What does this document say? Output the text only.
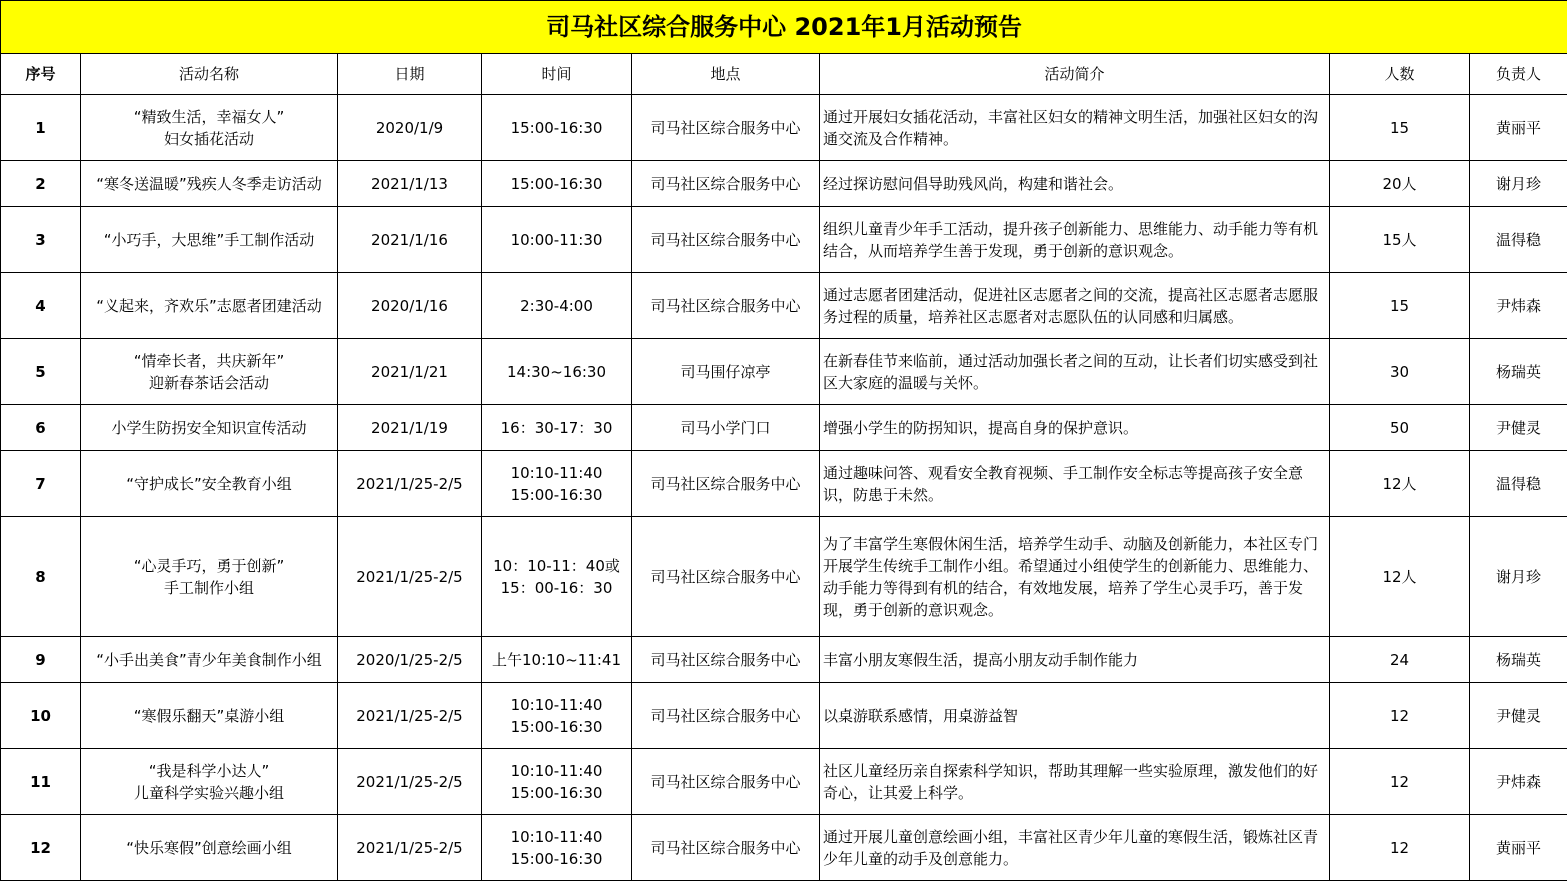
司马社区综合服务中心 2021年1月活动预告							
序号	活动名称	日期	时间	地点	活动简介	人数	负责人
1	“精致生活，幸福女人”
妇女插花活动	2020/1/9	15:00-16:30	司马社区综合服务中心	通过开展妇女插花活动，丰富社区妇女的精神文明生活，加强社区妇女的沟通交流及合作精神。	15	黄丽平
2	“寒冬送温暖”残疾人冬季走访活动	2021/1/13	15:00-16:30	司马社区综合服务中心	经过探访慰问倡导助残风尚，构建和谐社会。	20人	谢月珍
3	“小巧手，大思维”手工制作活动	2021/1/16	10:00-11:30	司马社区综合服务中心	组织儿童青少年手工活动，提升孩子创新能力、思维能力、动手能力等有机结合，从而培养学生善于发现，勇于创新的意识观念。	15人	温得稳
4	“义起来，齐欢乐”志愿者团建活动	2020/1/16	2:30-4:00	司马社区综合服务中心	通过志愿者团建活动，促进社区志愿者之间的交流，提高社区志愿者志愿服务过程的质量，培养社区志愿者对志愿队伍的认同感和归属感。	15	尹炜森
5	“情牵长者，共庆新年”
迎新春茶话会活动	2021/1/21	14:30~16:30	司马围仔凉亭	在新春佳节来临前，通过活动加强长者之间的互动，让长者们切实感受到社区大家庭的温暖与关怀。	30	杨瑞英
6	小学生防拐安全知识宣传活动	2021/1/19	16：30-17：30	司马小学门口	增强小学生的防拐知识，提高自身的保护意识。	50	尹健灵
7	“守护成长”安全教育小组	2021/1/25-2/5	10:10-11:40
15:00-16:30	司马社区综合服务中心	通过趣味问答、观看安全教育视频、手工制作安全标志等提高孩子安全意识，防患于未然。	12人	温得稳
8	“心灵手巧，勇于创新”
手工制作小组	2021/1/25-2/5	10：10-11：40或
15：00-16：30	司马社区综合服务中心	为了丰富学生寒假休闲生活，培养学生动手、动脑及创新能力，本社区专门开展学生传统手工制作小组。希望通过小组使学生的创新能力、思维能力、动手能力等得到有机的结合，有效地发展，培养了学生心灵手巧，善于发现，勇于创新的意识观念。	12人	谢月珍
9	“小手出美食”青少年美食制作小组	2020/1/25-2/5	上午10:10~11:41	司马社区综合服务中心	丰富小朋友寒假生活，提高小朋友动手制作能力	24	杨瑞英
10	“寒假乐翻天”桌游小组	2021/1/25-2/5	10:10-11:40
15:00-16:30	司马社区综合服务中心	以桌游联系感情，用桌游益智	12	尹健灵
11	“我是科学小达人”
儿童科学实验兴趣小组	2021/1/25-2/5	10:10-11:40
15:00-16:30	司马社区综合服务中心	社区儿童经历亲自探索科学知识，帮助其理解一些实验原理，激发他们的好奇心，让其爱上科学。	12	尹炜森
12	“快乐寒假”创意绘画小组	2021/1/25-2/5	10:10-11:40
15:00-16:30	司马社区综合服务中心	通过开展儿童创意绘画小组，丰富社区青少年儿童的寒假生活，锻炼社区青少年儿童的动手及创意能力。	12	黄丽平
